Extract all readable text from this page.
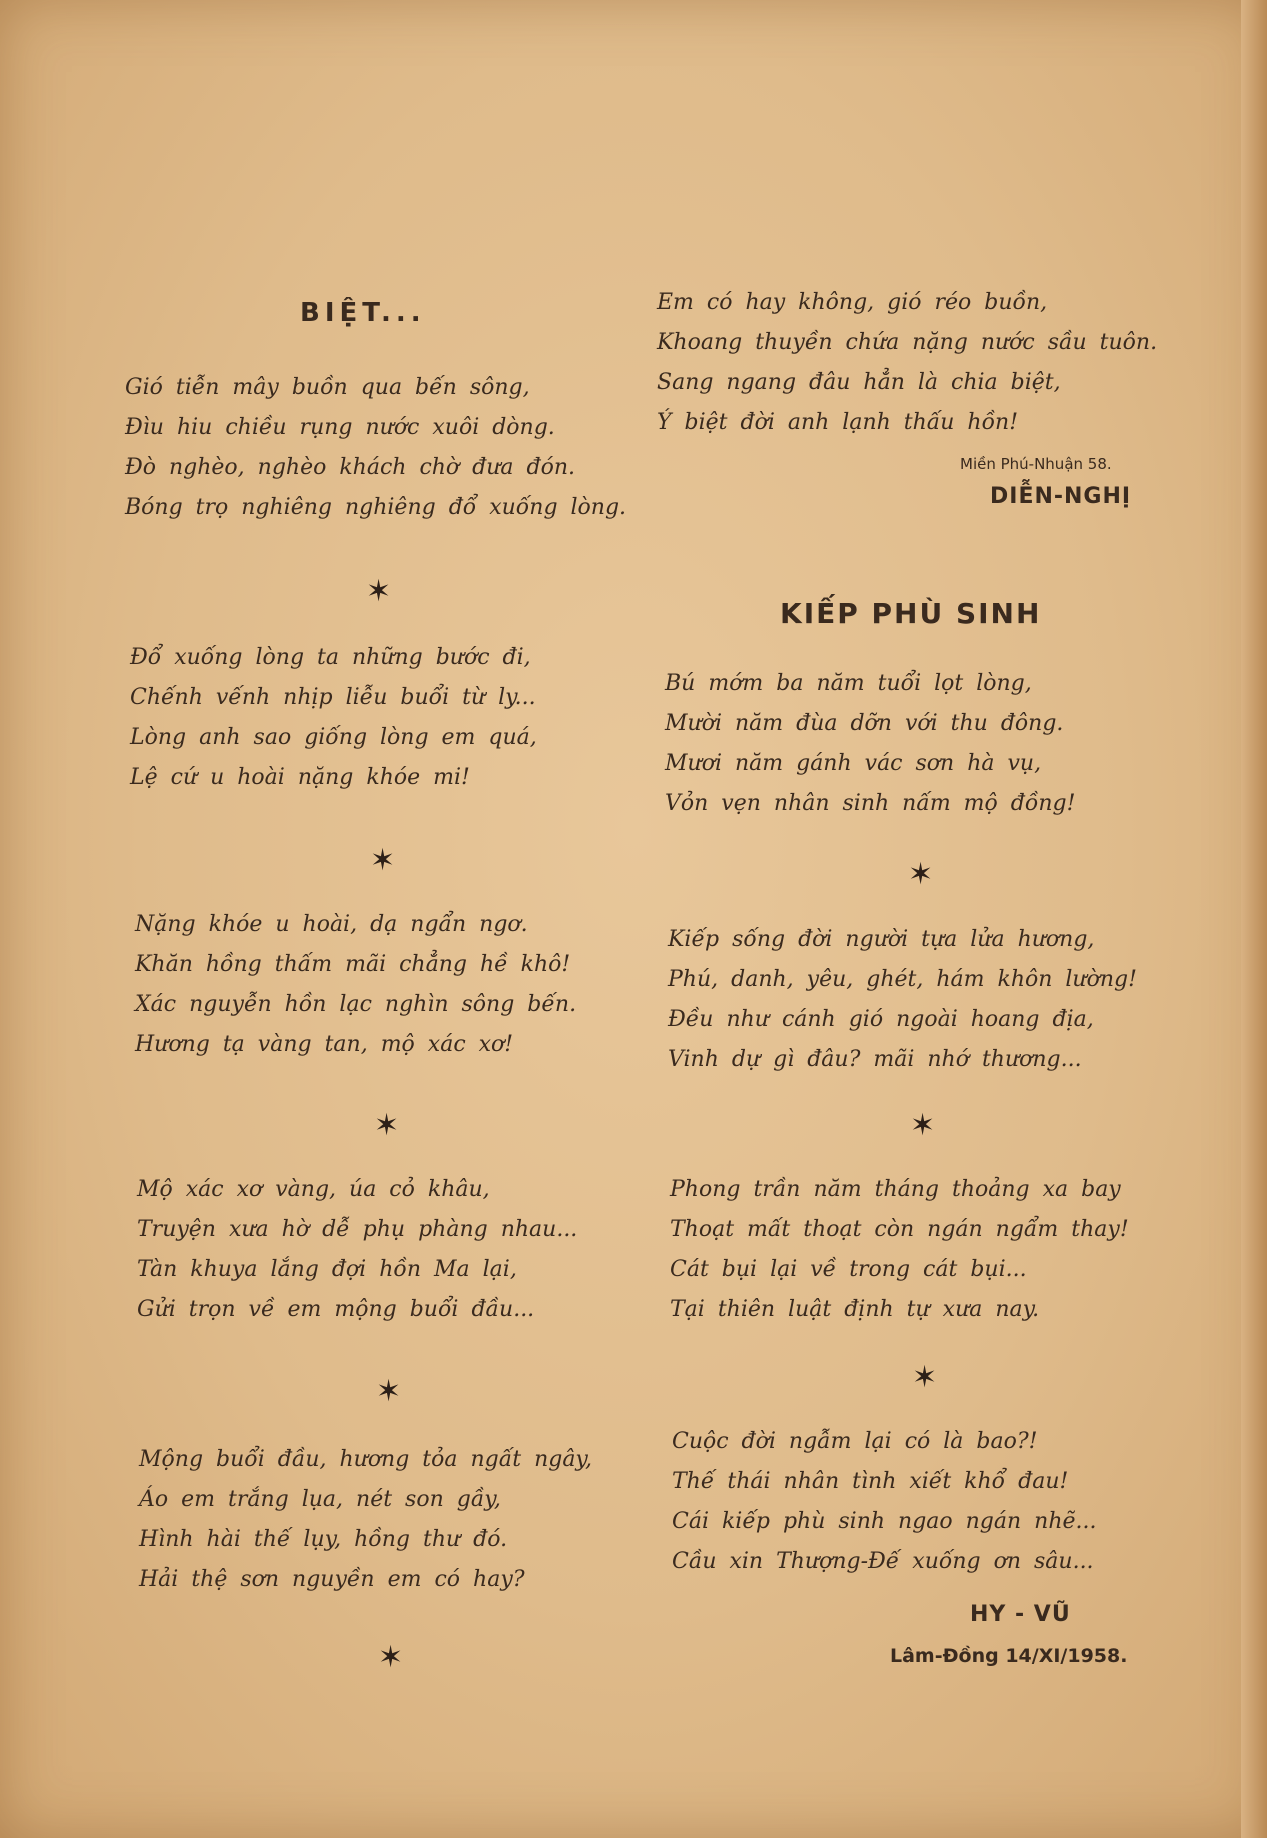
BIỆT...
Gió tiễn mây buồn qua bến sông,
Đìu hiu chiều rụng nước xuôi dòng.
Đò nghèo, nghèo khách chờ đưa đón.
Bóng trọ nghiêng nghiêng đổ xuống lòng.
✶
Đổ xuống lòng ta những bước đi,
Chếnh vếnh nhịp liễu buổi từ ly...
Lòng anh sao giống lòng em quá,
Lệ cứ u hoài nặng khóe mi!
✶
Nặng khóe u hoài, dạ ngẩn ngơ.
Khăn hồng thấm mãi chẳng hề khô!
Xác nguyễn hồn lạc nghìn sông bến.
Hương tạ vàng tan, mộ xác xơ!
✶
Mộ xác xơ vàng, úa cỏ khâu,
Truyện xưa hờ dễ phụ phàng nhau...
Tàn khuya lắng đợi hồn Ma lại,
Gửi trọn về em mộng buổi đầu...
✶
Mộng buổi đầu, hương tỏa ngất ngây,
Áo em trắng lụa, nét son gầy,
Hình hài thế lụy, hồng thư đó.
Hải thệ sơn nguyền em có hay?
✶
Em có hay không, gió réo buồn,
Khoang thuyền chứa nặng nước sầu tuôn.
Sang ngang đâu hẳn là chia biệt,
Ý biệt đời anh lạnh thấu hồn!
Miền Phú-Nhuận 58.
DIỄN-NGHỊ
KIẾP PHÙ SINH
Bú mớm ba năm tuổi lọt lòng,
Mười năm đùa dỡn với thu đông.
Mươi năm gánh vác sơn hà vụ,
Vỏn vẹn nhân sinh nấm mộ đồng!
✶
Kiếp sống đời người tựa lửa hương,
Phú, danh, yêu, ghét, hám khôn lường!
Đều như cánh gió ngoài hoang địa,
Vinh dự gì đâu? mãi nhớ thương...
✶
Phong trần năm tháng thoảng xa bay
Thoạt mất thoạt còn ngán ngẩm thay!
Cát bụi lại về trong cát bụi...
Tại thiên luật định tự xưa nay.
✶
Cuộc đời ngẫm lại có là bao?!
Thế thái nhân tình xiết khổ đau!
Cái kiếp phù sinh ngao ngán nhẽ...
Cầu xin Thượng-Đế xuống ơn sâu...
HY - VŨ
Lâm-Đồng 14/XI/1958.
